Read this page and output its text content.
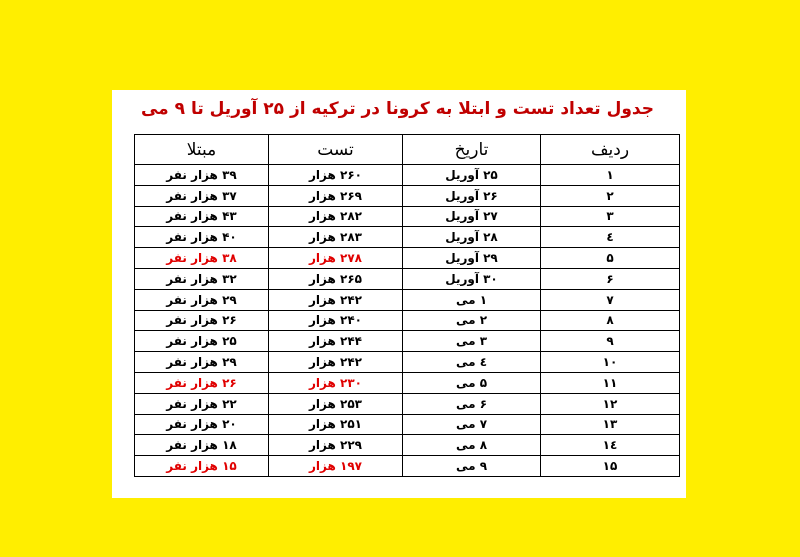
جدول تعداد تست و ابتلا به کرونا در ترکیه از ۲۵ آوریل تا ۹ می
ردیف	تاریخ	تست	مبتلا
۱	۲۵ آوریل	۲۶۰ هزار	۳۹ هزار نفر
۲	۲۶ آوریل	۲۶۹ هزار	۳۷ هزار نفر
۳	۲۷ آوریل	۲۸۲ هزار	۴۳ هزار نفر
٤	۲۸ آوریل	۲۸۳ هزار	۴۰ هزار نفر
۵	۲۹ آوریل	۲۷۸ هزار	۳۸ هزار نفر
۶	۳۰ آوریل	۲۶۵ هزار	۳۲ هزار نفر
۷	۱ می	۲۴۲ هزار	۲۹ هزار نفر
۸	۲ می	۲۴۰ هزار	۲۶ هزار نفر
۹	۳ می	۲۴۴ هزار	۲۵ هزار نفر
۱۰	٤ می	۲۴۲ هزار	۲۹ هزار نفر
۱۱	۵ می	۲۳۰ هزار	۲۶ هزار نفر
۱۲	۶ می	۲۵۳ هزار	۲۲ هزار نفر
۱۳	۷ می	۲۵۱ هزار	۲۰ هزار نفر
۱٤	۸ می	۲۲۹ هزار	۱۸ هزار نفر
۱۵	۹ می	۱۹۷ هزار	۱۵ هزار نفر
